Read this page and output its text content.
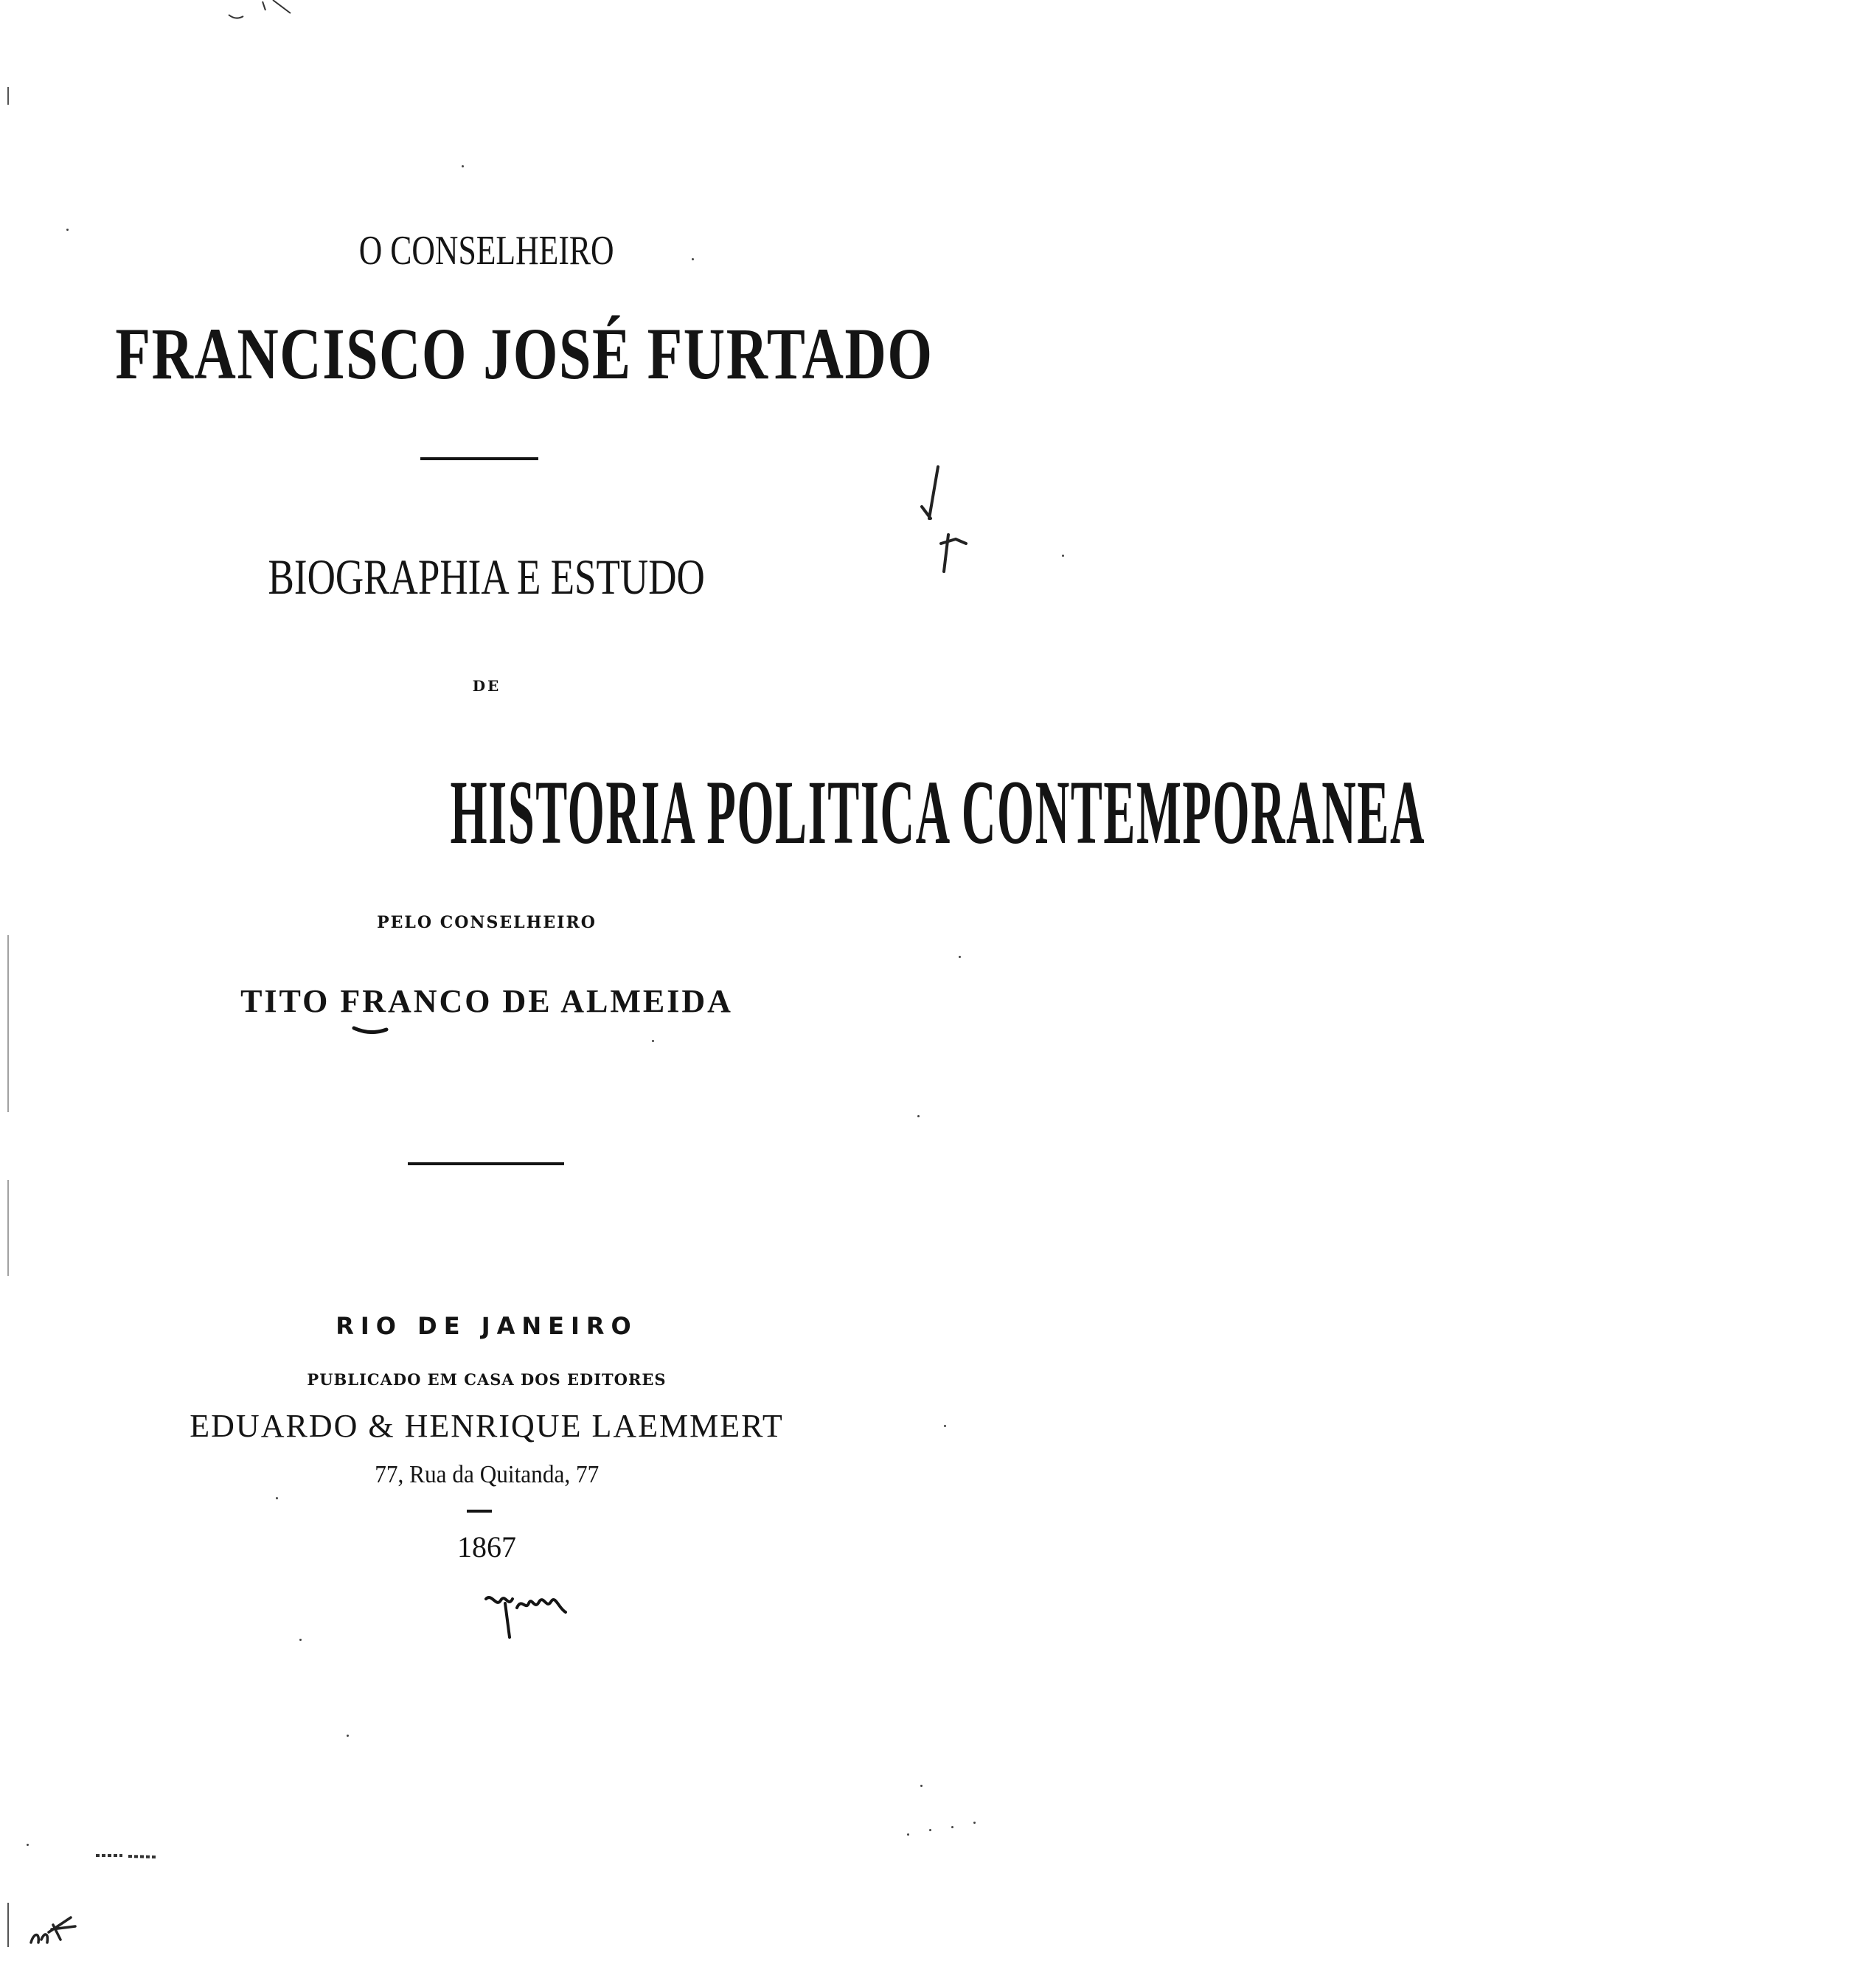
O CONSELHEIRO
FRANCISCO JOSÉ FURTADO
BIOGRAPHIA E ESTUDO
DE
HISTORIA POLITICA CONTEMPORANEA
PELO CONSELHEIRO
TITO FRANCO DE ALMEIDA
RIO DE JANEIRO
PUBLICADO EM CASA DOS EDITORES
EDUARDO & HENRIQUE LAEMMERT
77, Rua da Quitanda, 77
1867
